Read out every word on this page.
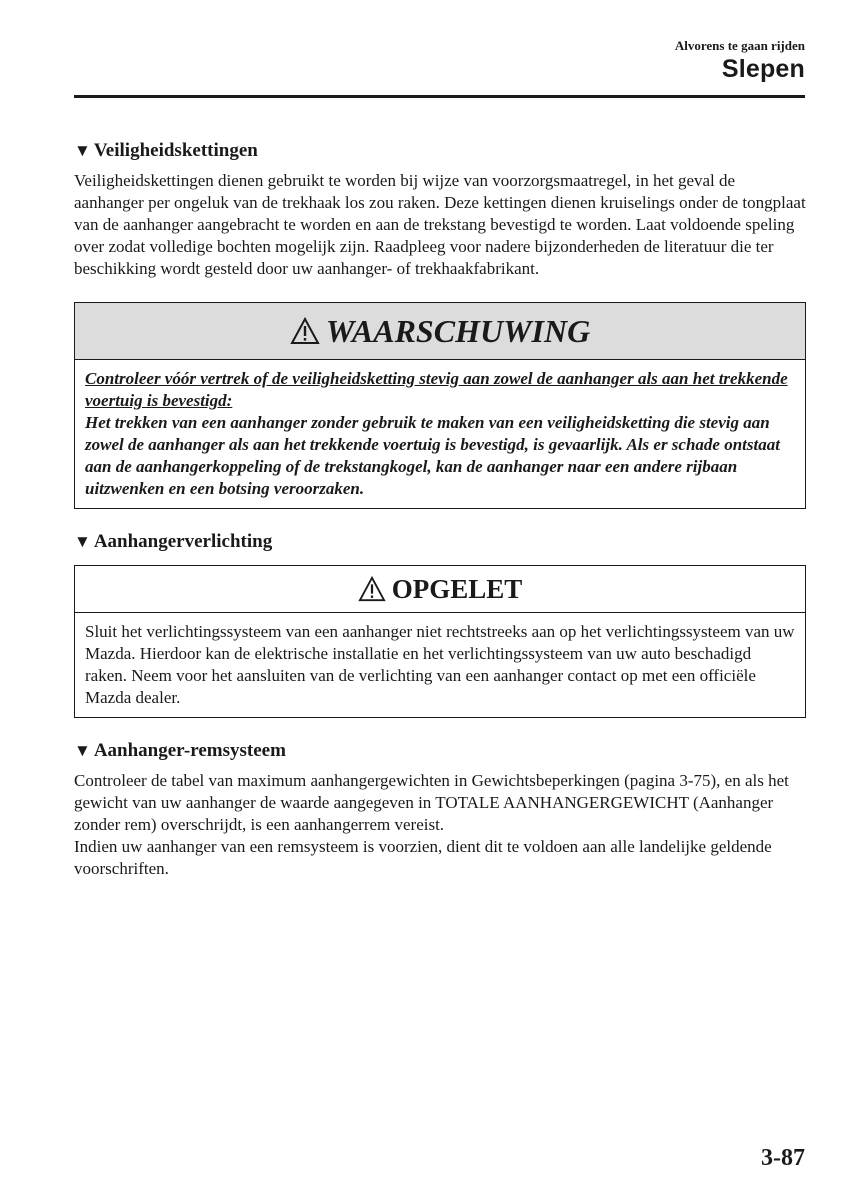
Alvorens te gaan rijden
Slepen
▼ Veiligheidskettingen

Veiligheidskettingen dienen gebruikt te worden bij wijze van voorzorgsmaatregel, in het geval de aanhanger per ongeluk van de trekhaak los zou raken. Deze kettingen dienen kruiselings onder de tongplaat van de aanhanger aangebracht te worden en aan de trekstang bevestigd te worden. Laat voldoende speling over zodat volledige bochten mogelijk zijn. Raadpleeg voor nadere bijzonderheden de literatuur die ter beschikking wordt gesteld door uw aanhanger- of trekhaakfabrikant.

WAARSCHUWING

Controleer vóór vertrek of de veiligheidsketting stevig aan zowel de aanhanger als aan het trekkende voertuig is bevestigd:
Het trekken van een aanhanger zonder gebruik te maken van een veiligheidsketting die stevig aan zowel de aanhanger als aan het trekkende voertuig is bevestigd, is gevaarlijk. Als er schade ontstaat aan de aanhangerkoppeling of de trekstangkogel, kan de aanhanger naar een andere rijbaan uitzwenken en een botsing veroorzaken.

▼ Aanhangerverlichting
OPGELET

Sluit het verlichtingssysteem van een aanhanger niet rechtstreeks aan op het verlichtingssysteem van uw Mazda. Hierdoor kan de elektrische installatie en het verlichtingssysteem van uw auto beschadigd raken. Neem voor het aansluiten van de verlichting van een aanhanger contact op met een officiële Mazda dealer.

▼ Aanhanger-remsysteem

Controleer de tabel van maximum aanhangergewichten in Gewichtsbeperkingen (pagina 3-75), en als het gewicht van uw aanhanger de waarde aangegeven in TOTALE AANHANGERGEWICHT (Aanhanger zonder rem) overschrijdt, is een aanhangerrem vereist.

Indien uw aanhanger van een remsysteem is voorzien, dient dit te voldoen aan alle landelijke geldende voorschriften.

3-87
